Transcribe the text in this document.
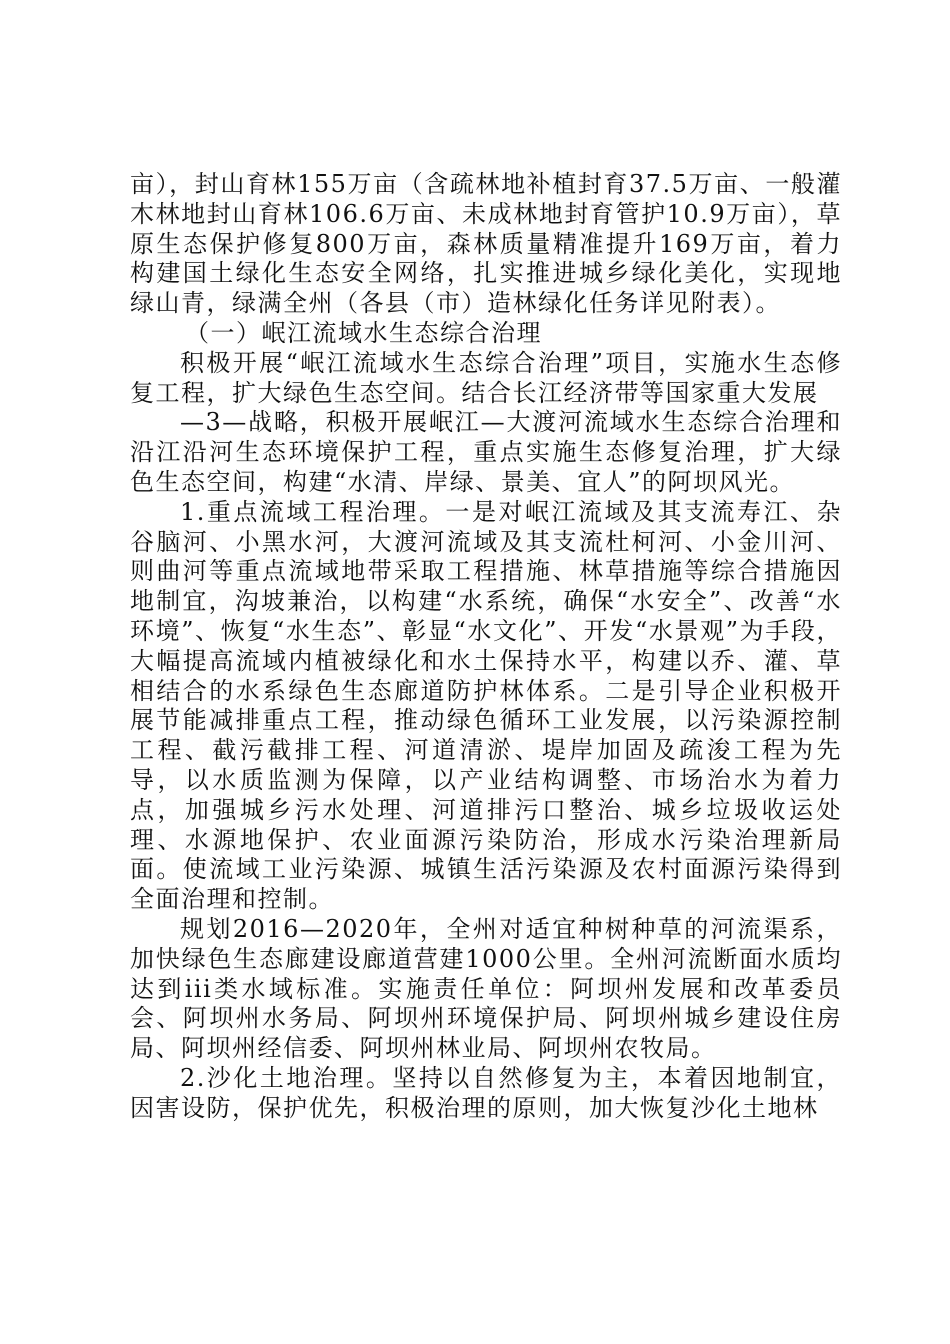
亩），封山育林155万亩（含疏林地补植封育37.5万亩、一般灌木林地封山育林106.6万亩、未成林地封育管护10.9万亩），草原生态保护修复800万亩，森林质量精准提升169万亩，着力构建国土绿化生态安全网络，扎实推进城乡绿化美化，实现地绿山青，绿满全州（各县（市）造林绿化任务详见附表）。

（一）岷江流域水生态综合治理

积极开展“岷江流域水生态综合治理”项目，实施水生态修复工程，扩大绿色生态空间。结合长江经济带等国家重大发展

—3—战略，积极开展岷江—大渡河流域水生态综合治理和沿江沿河生态环境保护工程，重点实施生态修复治理，扩大绿色生态空间，构建“水清、岸绿、景美、宜人”的阿坝风光。

1.重点流域工程治理。一是对岷江流域及其支流寿江、杂谷脑河、小黑水河，大渡河流域及其支流杜柯河、小金川河、则曲河等重点流域地带采取工程措施、林草措施等综合措施因地制宜，沟坡兼治，以构建“水系统，确保“水安全”、改善“水环境”、恢复“水生态”、彰显“水文化”、开发“水景观”为手段，大幅提高流域内植被绿化和水土保持水平，构建以乔、灌、草相结合的水系绿色生态廊道防护林体系。二是引导企业积极开展节能减排重点工程，推动绿色循环工业发展，以污染源控制工程、截污截排工程、河道清淤、堤岸加固及疏浚工程为先导，以水质监测为保障，以产业结构调整、市场治水为着力点，加强城乡污水处理、河道排污口整治、城乡垃圾收运处理、水源地保护、农业面源污染防治，形成水污染治理新局面。使流域工业污染源、城镇生活污染源及农村面源污染得到全面治理和控制。

规划2016—2020年，全州对适宜种树种草的河流渠系，加快绿色生态廊建设廊道营建1000公里。全州河流断面水质均达到iii类水域标准。实施责任单位：阿坝州发展和改革委员会、阿坝州水务局、阿坝州环境保护局、阿坝州城乡建设住房局、阿坝州经信委、阿坝州林业局、阿坝州农牧局。

2.沙化土地治理。坚持以自然修复为主，本着因地制宜，因害设防，保护优先，积极治理的原则，加大恢复沙化土地林
